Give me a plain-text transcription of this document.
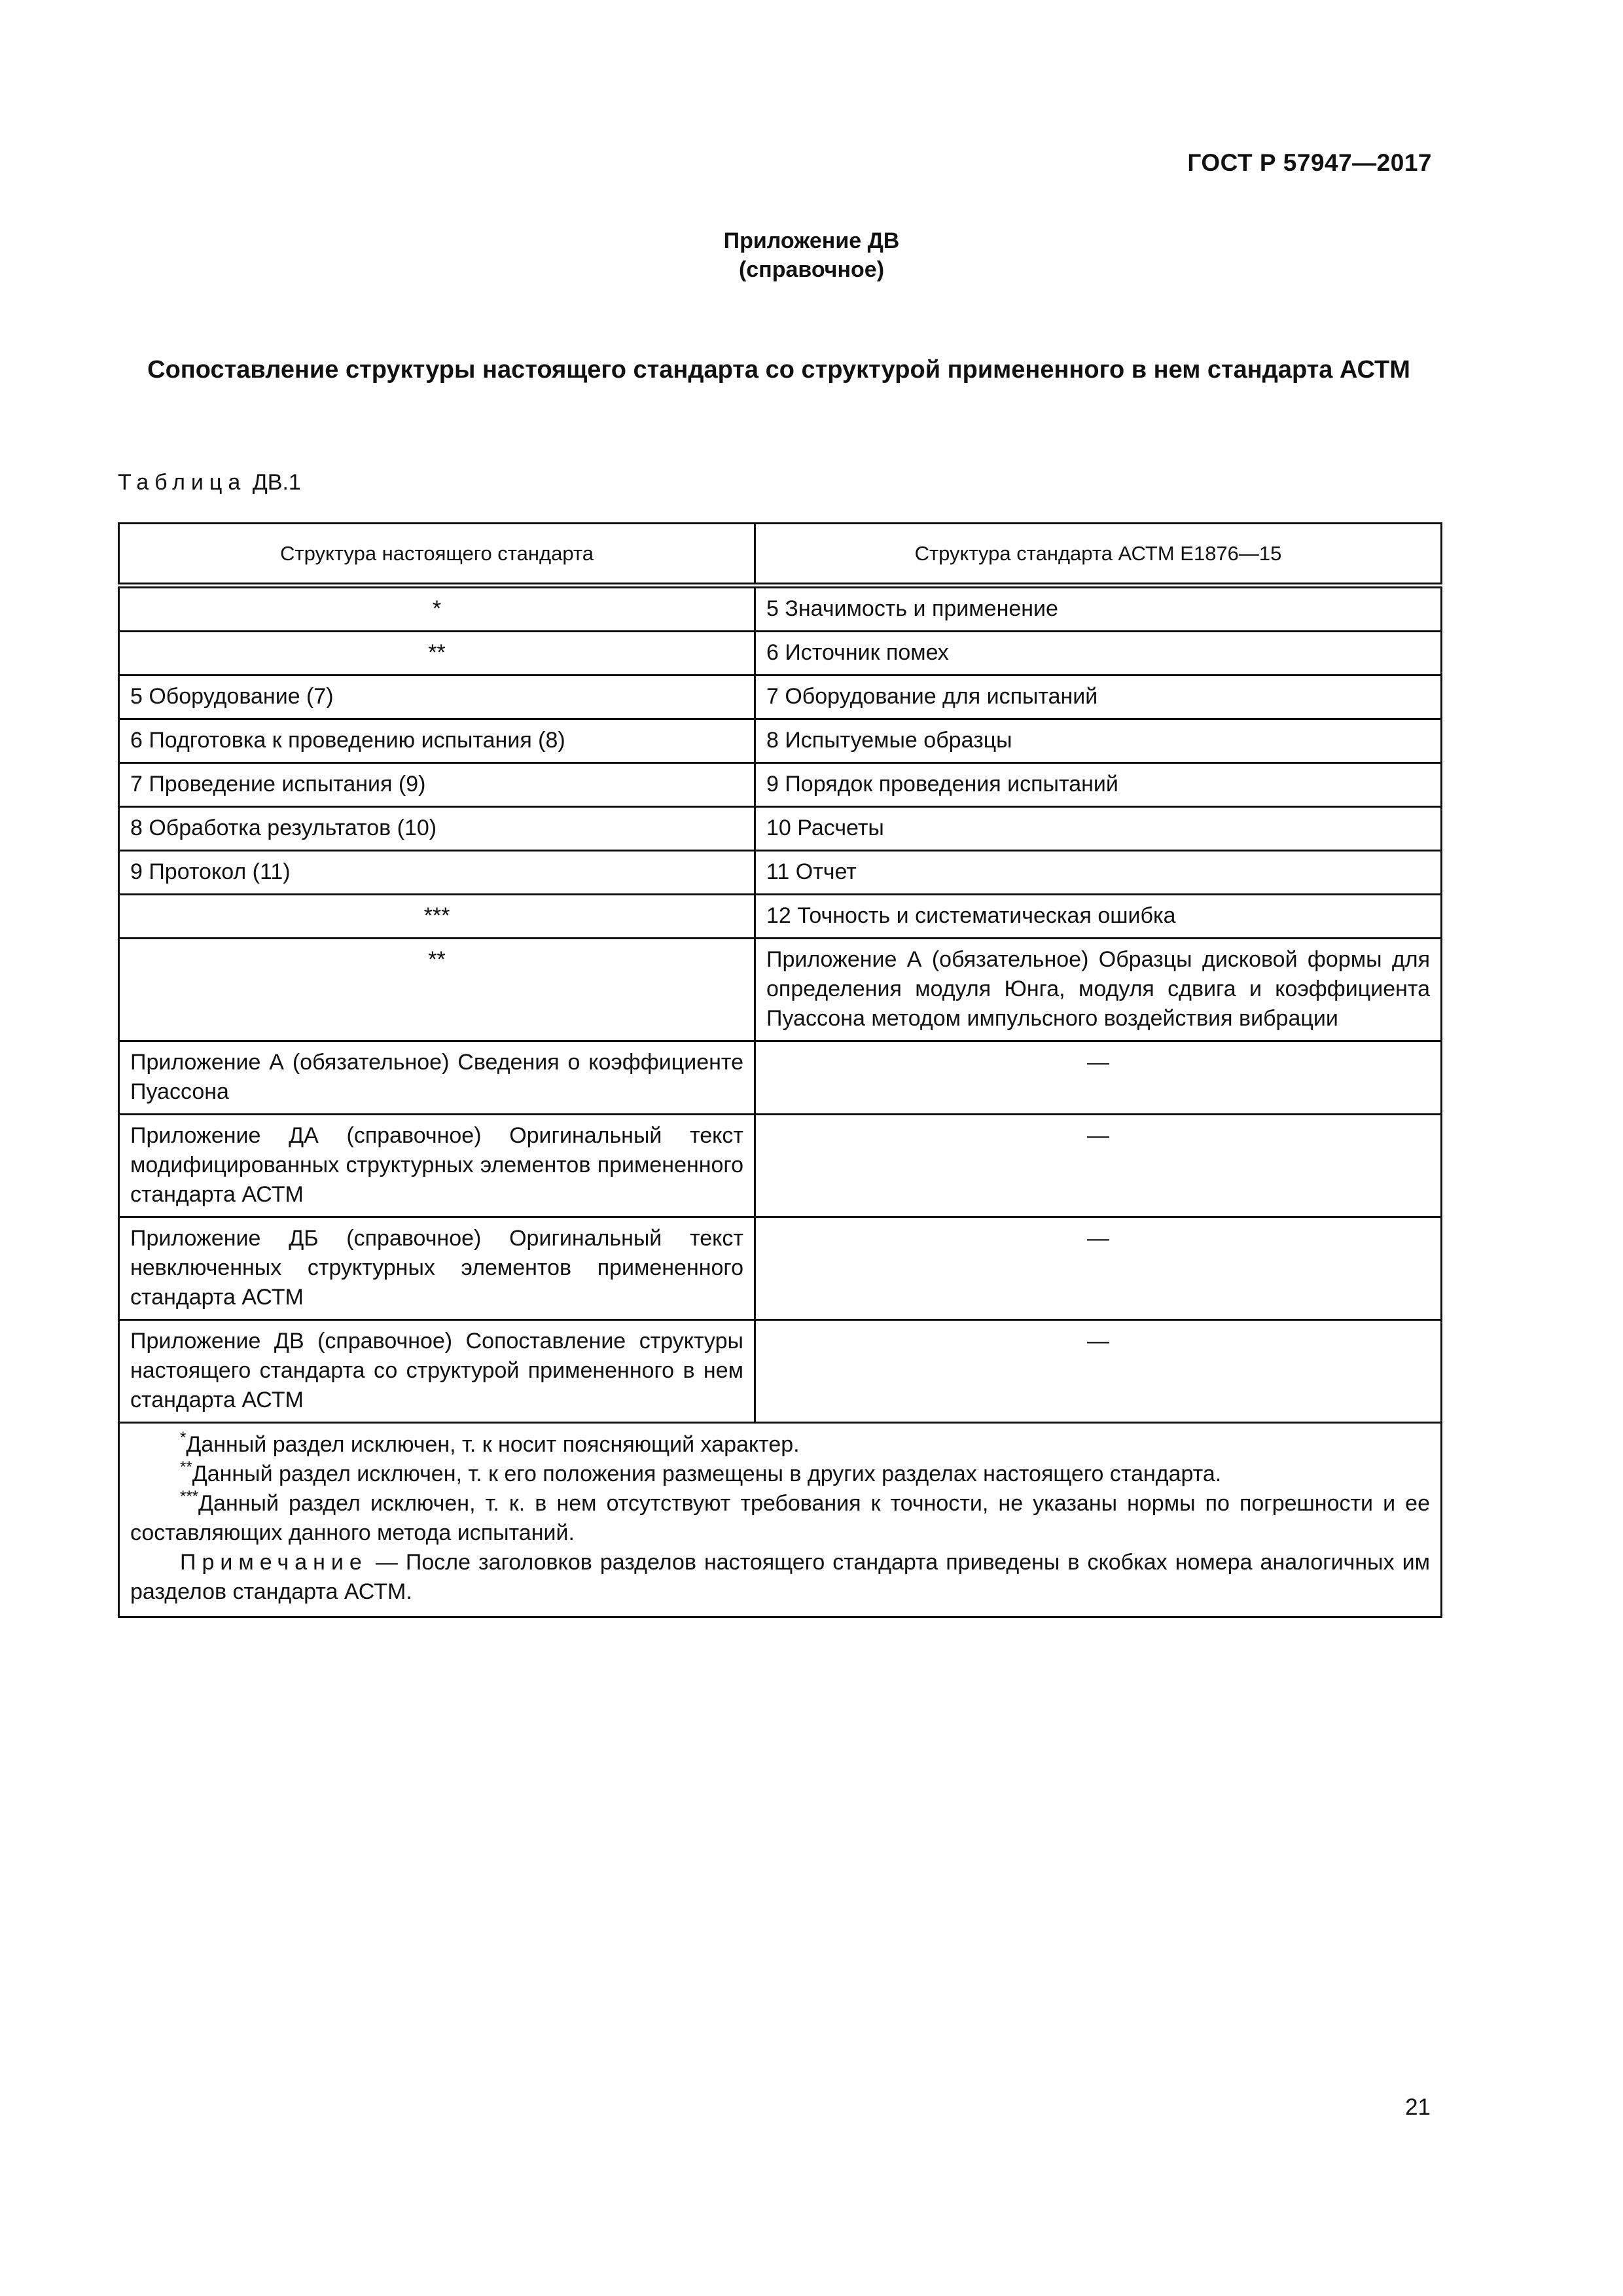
ГОСТ Р 57947—2017
Приложение ДВ
(справочное)
Сопоставление структуры настоящего стандарта со структурой примененного в нем стандарта АСТМ
Таблица ДВ.1
Структура настоящего стандарта	Структура стандарта АСТМ Е1876—15
*	5 Значимость и применение
**	6 Источник помех
5 Оборудование (7)	7 Оборудование для испытаний
6 Подготовка к проведению испытания (8)	8 Испытуемые образцы
7 Проведение испытания (9)	9 Порядок проведения испытаний
8 Обработка результатов (10)	10 Расчеты
9 Протокол (11)	11 Отчет
***	12 Точность и систематическая ошибка
**	Приложение А (обязательное) Образцы дисковой формы для определения модуля Юнга, модуля сдвига и коэффициента Пуассона методом импульсного воздействия вибрации
Приложение А (обязательное) Сведения о коэффициенте Пуассона	—
Приложение ДА (справочное) Оригинальный текст модифицированных структурных элементов примененного стандарта АСТМ	—
Приложение ДБ (справочное) Оригинальный текст невключенных структурных элементов примененного стандарта АСТМ	—
Приложение ДВ (справочное) Сопоставление структуры настоящего стандарта со структурой примененного в нем стандарта АСТМ	—

*Данный раздел исключен, т. к носит поясняющий характер.
**Данный раздел исключен, т. к его положения размещены в других разделах настоящего стандарта.
***Данный раздел исключен, т. к. в нем отсутствуют требования к точности, не указаны нормы по погрешности и ее составляющих данного метода испытаний.
Примечание — После заголовков разделов настоящего стандарта приведены в скобках номера аналогичных им разделов стандарта АСТМ.	
21
